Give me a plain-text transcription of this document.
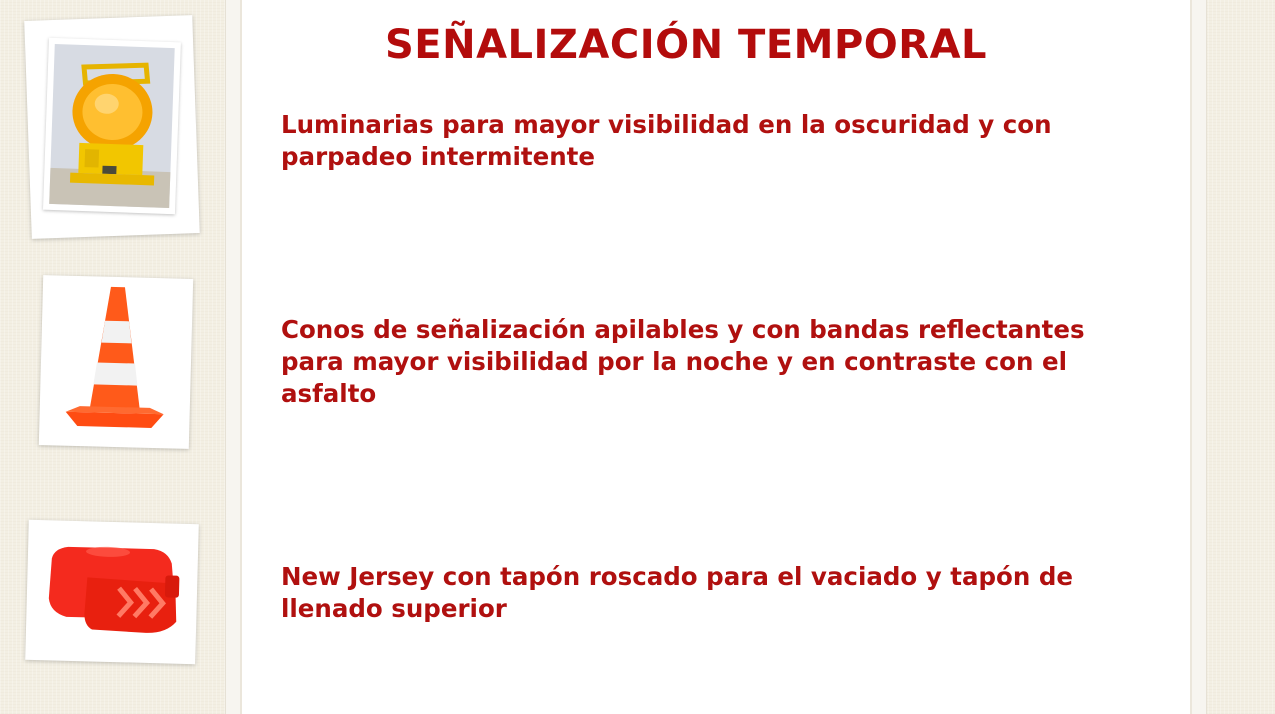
SEÑALIZACIÓN TEMPORAL

Luminarias para mayor visibilidad en la oscuridad y con parpadeo intermitente

Conos de señalización apilables y con bandas reflectantes para mayor visibilidad por la noche y en contraste con el asfalto

New Jersey con tapón roscado para el vaciado y tapón de llenado superior
